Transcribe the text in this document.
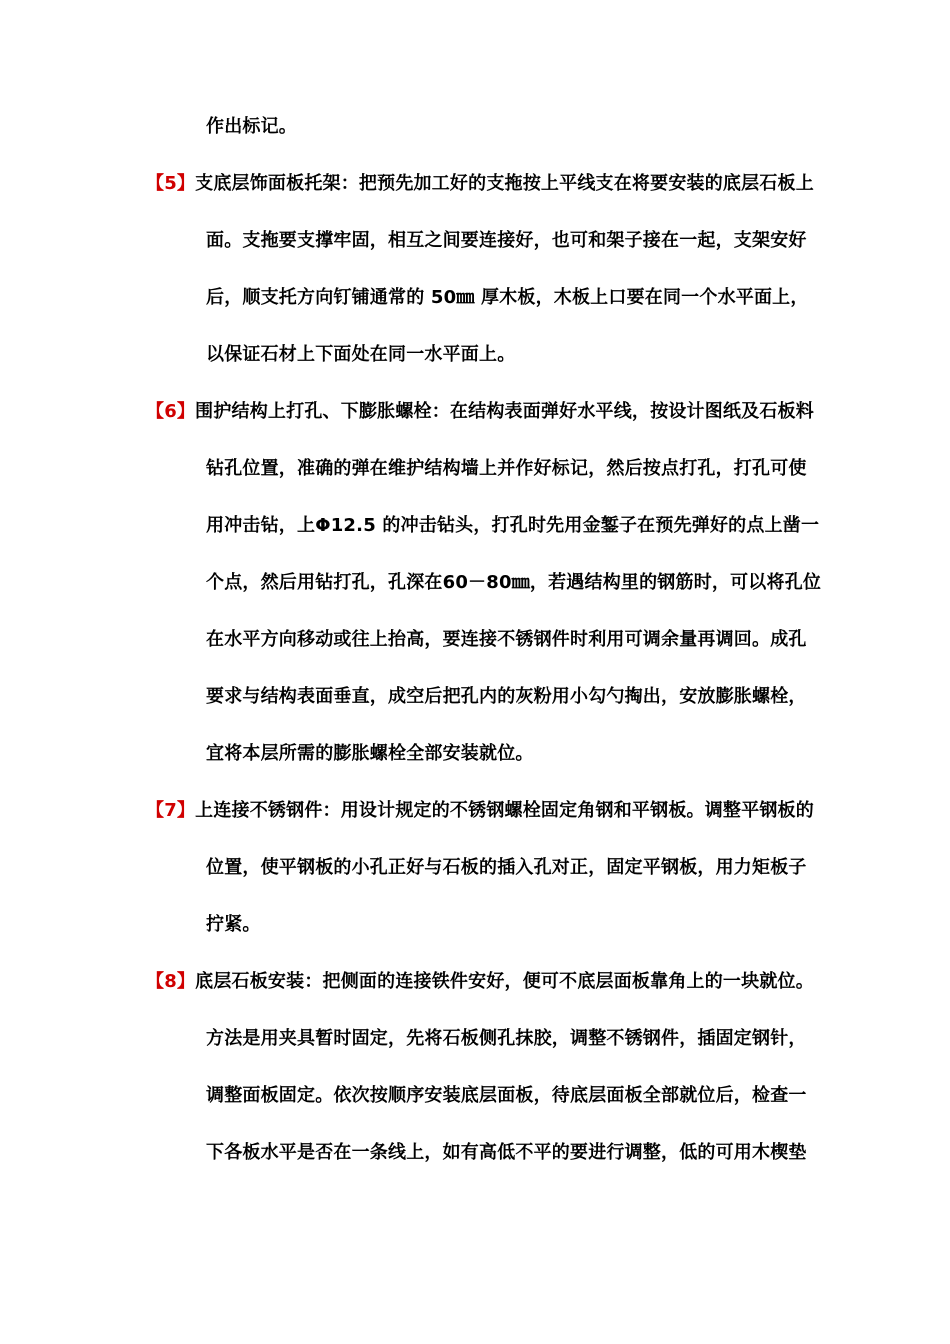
作出标记。
【5】支底层饰面板托架：把预先加工好的支拖按上平线支在将要安装的底层石板上
面。支拖要支撑牢固，相互之间要连接好，也可和架子接在一起，支架安好
后，顺支托方向钉铺通常的 50㎜ 厚木板，木板上口要在同一个水平面上，
以保证石材上下面处在同一水平面上。
【6】围护结构上打孔、下膨胀螺栓：在结构表面弹好水平线，按设计图纸及石板料
钻孔位置，准确的弹在维护结构墙上并作好标记，然后按点打孔，打孔可使
用冲击钻，上Φ12.5 的冲击钻头，打孔时先用金錾子在预先弹好的点上凿一
个点，然后用钻打孔，孔深在60－80㎜，若遇结构里的钢筋时，可以将孔位
在水平方向移动或往上抬高，要连接不锈钢件时利用可调余量再调回。成孔
要求与结构表面垂直，成空后把孔内的灰粉用小勾勺掏出，安放膨胀螺栓，
宜将本层所需的膨胀螺栓全部安装就位。
【7】上连接不锈钢件：用设计规定的不锈钢螺栓固定角钢和平钢板。调整平钢板的
位置，使平钢板的小孔正好与石板的插入孔对正，固定平钢板，用力矩板子
拧紧。
【8】底层石板安装：把侧面的连接铁件安好，便可不底层面板靠角上的一块就位。
方法是用夹具暂时固定，先将石板侧孔抹胶，调整不锈钢件，插固定钢针，
调整面板固定。依次按顺序安装底层面板，待底层面板全部就位后，检查一
下各板水平是否在一条线上，如有高低不平的要进行调整，低的可用木楔垫
